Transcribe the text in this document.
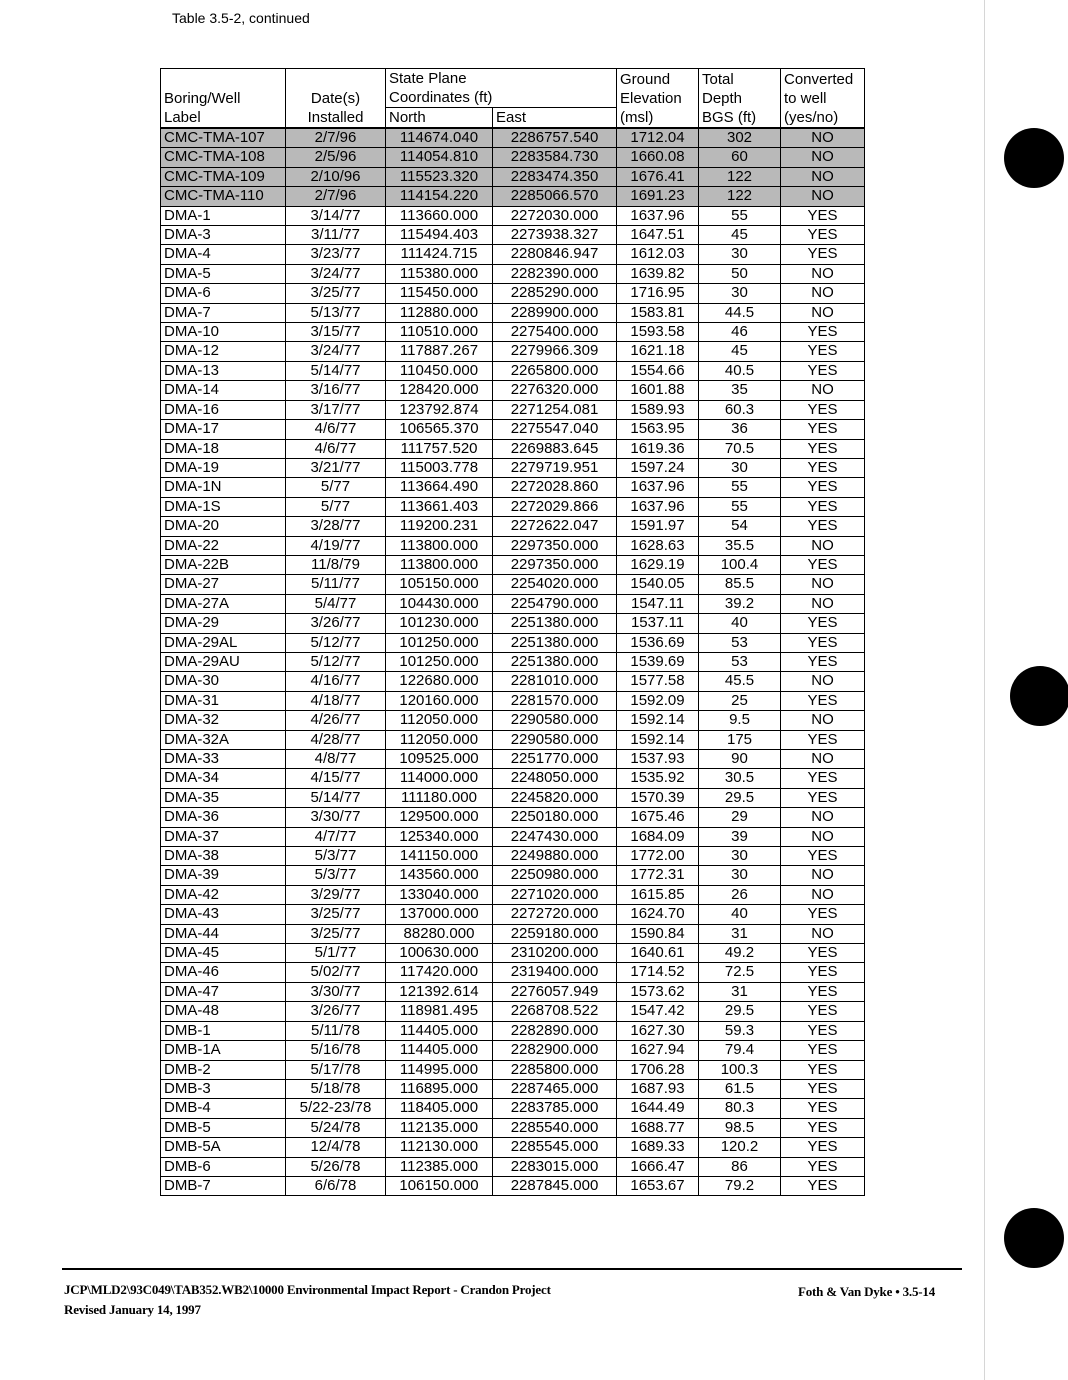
Table 3.5-2, continued
Boring/Well Label	Date(s) Installed	State Plane Coordinates (ft)		Ground Elevation (msl)	Total Depth BGS (ft)	Converted to well (yes/no)

		North	East			
CMC-TMA-107	2/7/96	114674.040	2286757.540	1712.04	302	NO
CMC-TMA-108	2/5/96	114054.810	2283584.730	1660.08	60	NO
CMC-TMA-109	2/10/96	115523.320	2283474.350	1676.41	122	NO
CMC-TMA-110	2/7/96	114154.220	2285066.570	1691.23	122	NO
DMA-1	3/14/77	113660.000	2272030.000	1637.96	55	YES
DMA-3	3/11/77	115494.403	2273938.327	1647.51	45	YES
DMA-4	3/23/77	111424.715	2280846.947	1612.03	30	YES
DMA-5	3/24/77	115380.000	2282390.000	1639.82	50	NO
DMA-6	3/25/77	115450.000	2285290.000	1716.95	30	NO
DMA-7	5/13/77	112880.000	2289900.000	1583.81	44.5	NO
DMA-10	3/15/77	110510.000	2275400.000	1593.58	46	YES
DMA-12	3/24/77	117887.267	2279966.309	1621.18	45	YES
DMA-13	5/14/77	110450.000	2265800.000	1554.66	40.5	YES
DMA-14	3/16/77	128420.000	2276320.000	1601.88	35	NO
DMA-16	3/17/77	123792.874	2271254.081	1589.93	60.3	YES
DMA-17	4/6/77	106565.370	2275547.040	1563.95	36	YES
DMA-18	4/6/77	111757.520	2269883.645	1619.36	70.5	YES
DMA-19	3/21/77	115003.778	2279719.951	1597.24	30	YES
DMA-1N	5/77	113664.490	2272028.860	1637.96	55	YES
DMA-1S	5/77	113661.403	2272029.866	1637.96	55	YES
DMA-20	3/28/77	119200.231	2272622.047	1591.97	54	YES
DMA-22	4/19/77	113800.000	2297350.000	1628.63	35.5	NO
DMA-22B	11/8/79	113800.000	2297350.000	1629.19	100.4	YES
DMA-27	5/11/77	105150.000	2254020.000	1540.05	85.5	NO
DMA-27A	5/4/77	104430.000	2254790.000	1547.11	39.2	NO
DMA-29	3/26/77	101230.000	2251380.000	1537.11	40	YES
DMA-29AL	5/12/77	101250.000	2251380.000	1536.69	53	YES
DMA-29AU	5/12/77	101250.000	2251380.000	1539.69	53	YES
DMA-30	4/16/77	122680.000	2281010.000	1577.58	45.5	NO
DMA-31	4/18/77	120160.000	2281570.000	1592.09	25	YES
DMA-32	4/26/77	112050.000	2290580.000	1592.14	9.5	NO
DMA-32A	4/28/77	112050.000	2290580.000	1592.14	175	YES
DMA-33	4/8/77	109525.000	2251770.000	1537.93	90	NO
DMA-34	4/15/77	114000.000	2248050.000	1535.92	30.5	YES
DMA-35	5/14/77	111180.000	2245820.000	1570.39	29.5	YES
DMA-36	3/30/77	129500.000	2250180.000	1675.46	29	NO
DMA-37	4/7/77	125340.000	2247430.000	1684.09	39	NO
DMA-38	5/3/77	141150.000	2249880.000	1772.00	30	YES
DMA-39	5/3/77	143560.000	2250980.000	1772.31	30	NO
DMA-42	3/29/77	133040.000	2271020.000	1615.85	26	NO
DMA-43	3/25/77	137000.000	2272720.000	1624.70	40	YES
DMA-44	3/25/77	88280.000	2259180.000	1590.84	31	NO
DMA-45	5/1/77	100630.000	2310200.000	1640.61	49.2	YES
DMA-46	5/02/77	117420.000	2319400.000	1714.52	72.5	YES
DMA-47	3/30/77	121392.614	2276057.949	1573.62	31	YES
DMA-48	3/26/77	118981.495	2268708.522	1547.42	29.5	YES
DMB-1	5/11/78	114405.000	2282890.000	1627.30	59.3	YES
DMB-1A	5/16/78	114405.000	2282900.000	1627.94	79.4	YES
DMB-2	5/17/78	114995.000	2285800.000	1706.28	100.3	YES
DMB-3	5/18/78	116895.000	2287465.000	1687.93	61.5	YES
DMB-4	5/22-23/78	118405.000	2283785.000	1644.49	80.3	YES
DMB-5	5/24/78	112135.000	2285540.000	1688.77	98.5	YES
DMB-5A	12/4/78	112130.000	2285545.000	1689.33	120.2	YES
DMB-6	5/26/78	112385.000	2283015.000	1666.47	86	YES
DMB-7	6/6/78	106150.000	2287845.000	1653.67	79.2	YES
JCP\MLD2\93C049\TAB352.WB2\10000 Environmental Impact Report - Crandon Project
Revised January 14, 1997
Foth & Van Dyke • 3.5-14
